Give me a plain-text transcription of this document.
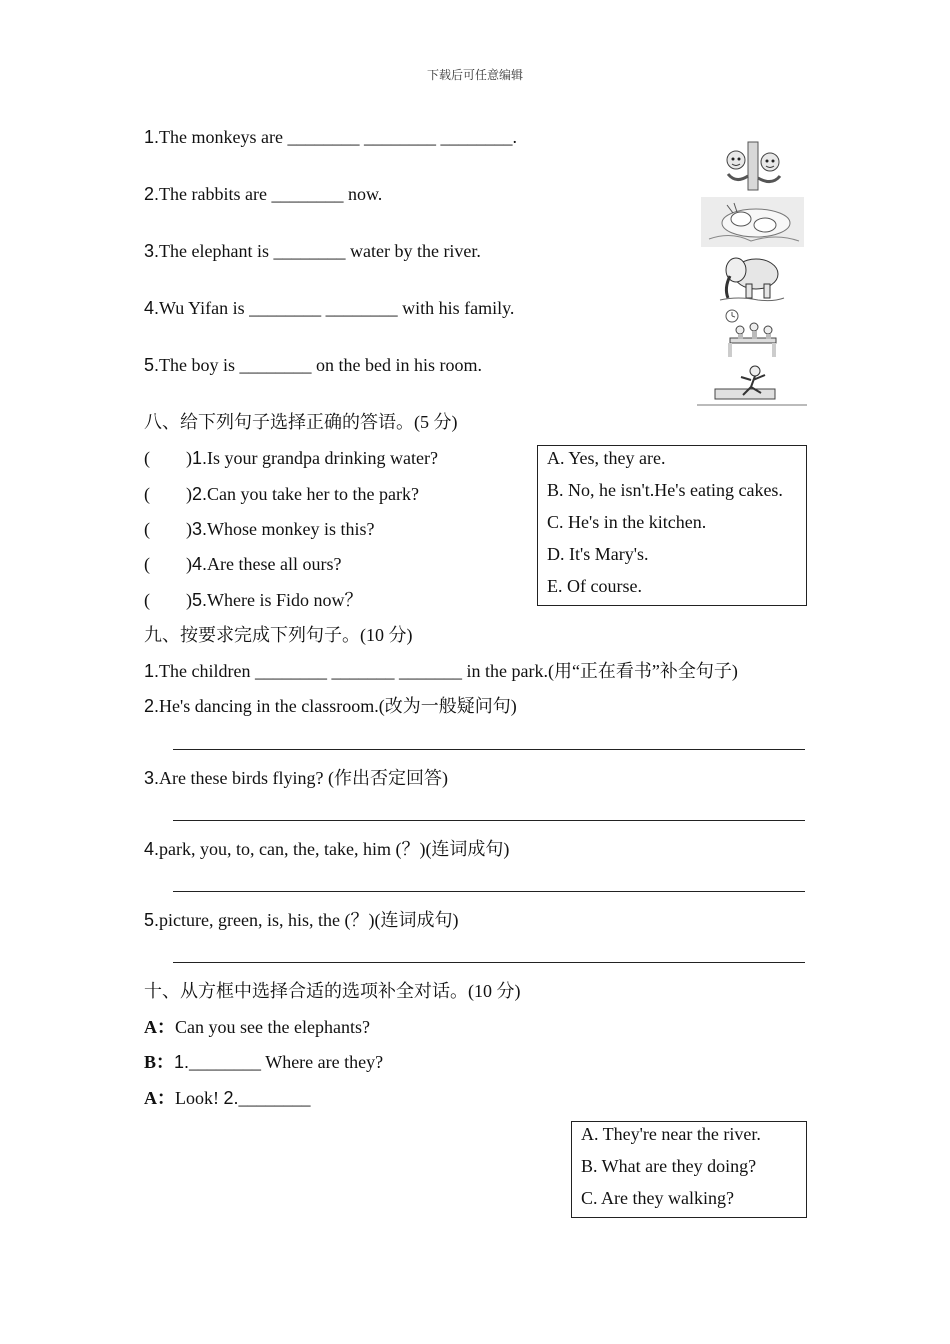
下载后可任意编辑
1.The monkeys are ________ ________ ________.
2.The rabbits are ________ now.
3.The elephant is ________ water by the river.
4.Wu Yifan is ________ ________ with his family.
5.The boy is ________ on the bed in his room.
八、给下列句子选择正确的答语。(5 分)
( )1.Is your grandpa drinking water?
( )2.Can you take her to the park?
( )3.Whose monkey is this?
( )4.Are these all ours?
( )5.Where is Fido now？
A. Yes, they are.
B. No, he isn't.He's eating cakes.
C. He's in the kitchen.
D. It's Mary's.
E. Of course.
九、按要求完成下列句子。(10 分)
1.The children ________ _______ _______ in the park.(用“正在看书”补全句子)
2.He's dancing in the classroom.(改为一般疑问句)
3.Are these birds flying? (作出否定回答)
4.park, you, to, can, the, take, him (？)(连词成句)
5.picture, green, is, his, the (？)(连词成句)
十、从方框中选择合适的选项补全对话。(10 分)
A：Can you see the elephants?
B：1.________ Where are they?
A：Look! 2.________
A. They're near the river.
B. What are they doing?
C. Are they walking?
